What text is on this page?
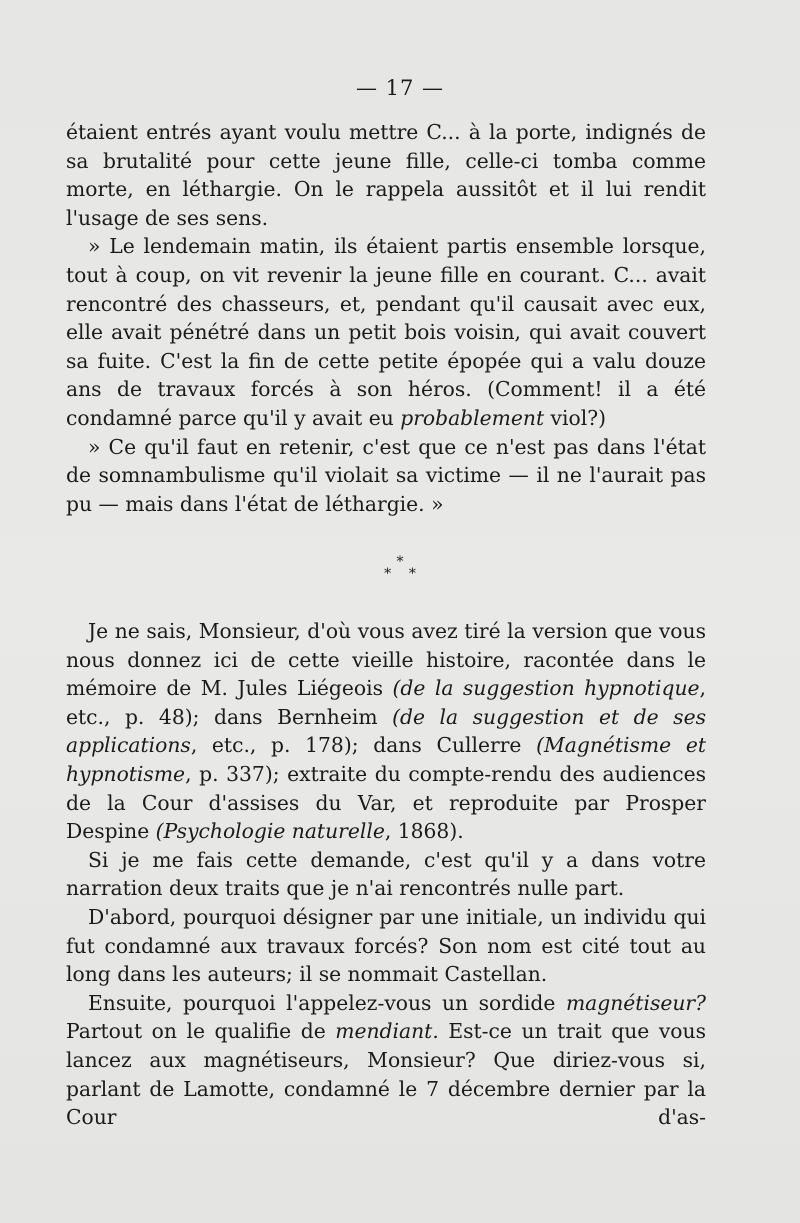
— 17 —

étaient entrés ayant voulu mettre C... à la porte, indignés de sa brutalité pour cette jeune fille, celle-ci tomba comme morte, en léthargie. On le rappela aussitôt et il lui rendit l'usage de ses sens.

» Le lendemain matin, ils étaient partis ensemble lorsque, tout à coup, on vit revenir la jeune fille en courant. C... avait rencontré des chasseurs, et, pendant qu'il causait avec eux, elle avait pénétré dans un petit bois voisin, qui avait couvert sa fuite. C'est la fin de cette petite épopée qui a valu douze ans de travaux forcés à son héros. (Comment! il a été condamné parce qu'il y avait eu probablement viol?)

» Ce qu'il faut en retenir, c'est que ce n'est pas dans l'état de somnambulisme qu'il violait sa victime — il ne l'aurait pas pu — mais dans l'état de léthargie. »

*
*    *

Je ne sais, Monsieur, d'où vous avez tiré la version que vous nous donnez ici de cette vieille histoire, racontée dans le mémoire de M. Jules Liégeois (de la suggestion hypnotique, etc., p. 48); dans Bernheim (de la suggestion et de ses applications, etc., p. 178); dans Cullerre (Magnétisme et hypnotisme, p. 337); extraite du compte-rendu des audiences de la Cour d'assises du Var, et reproduite par Prosper Despine (Psychologie naturelle, 1868).

Si je me fais cette demande, c'est qu'il y a dans votre narration deux traits que je n'ai rencontrés nulle part.

D'abord, pourquoi désigner par une initiale, un individu qui fut condamné aux travaux forcés? Son nom est cité tout au long dans les auteurs; il se nommait Castellan.

Ensuite, pourquoi l'appelez-vous un sordide magnétiseur? Partout on le qualifie de mendiant. Est-ce un trait que vous lancez aux magnétiseurs, Monsieur? Que diriez-vous si, parlant de Lamotte, condamné le 7 décembre dernier par la Cour d'as-
